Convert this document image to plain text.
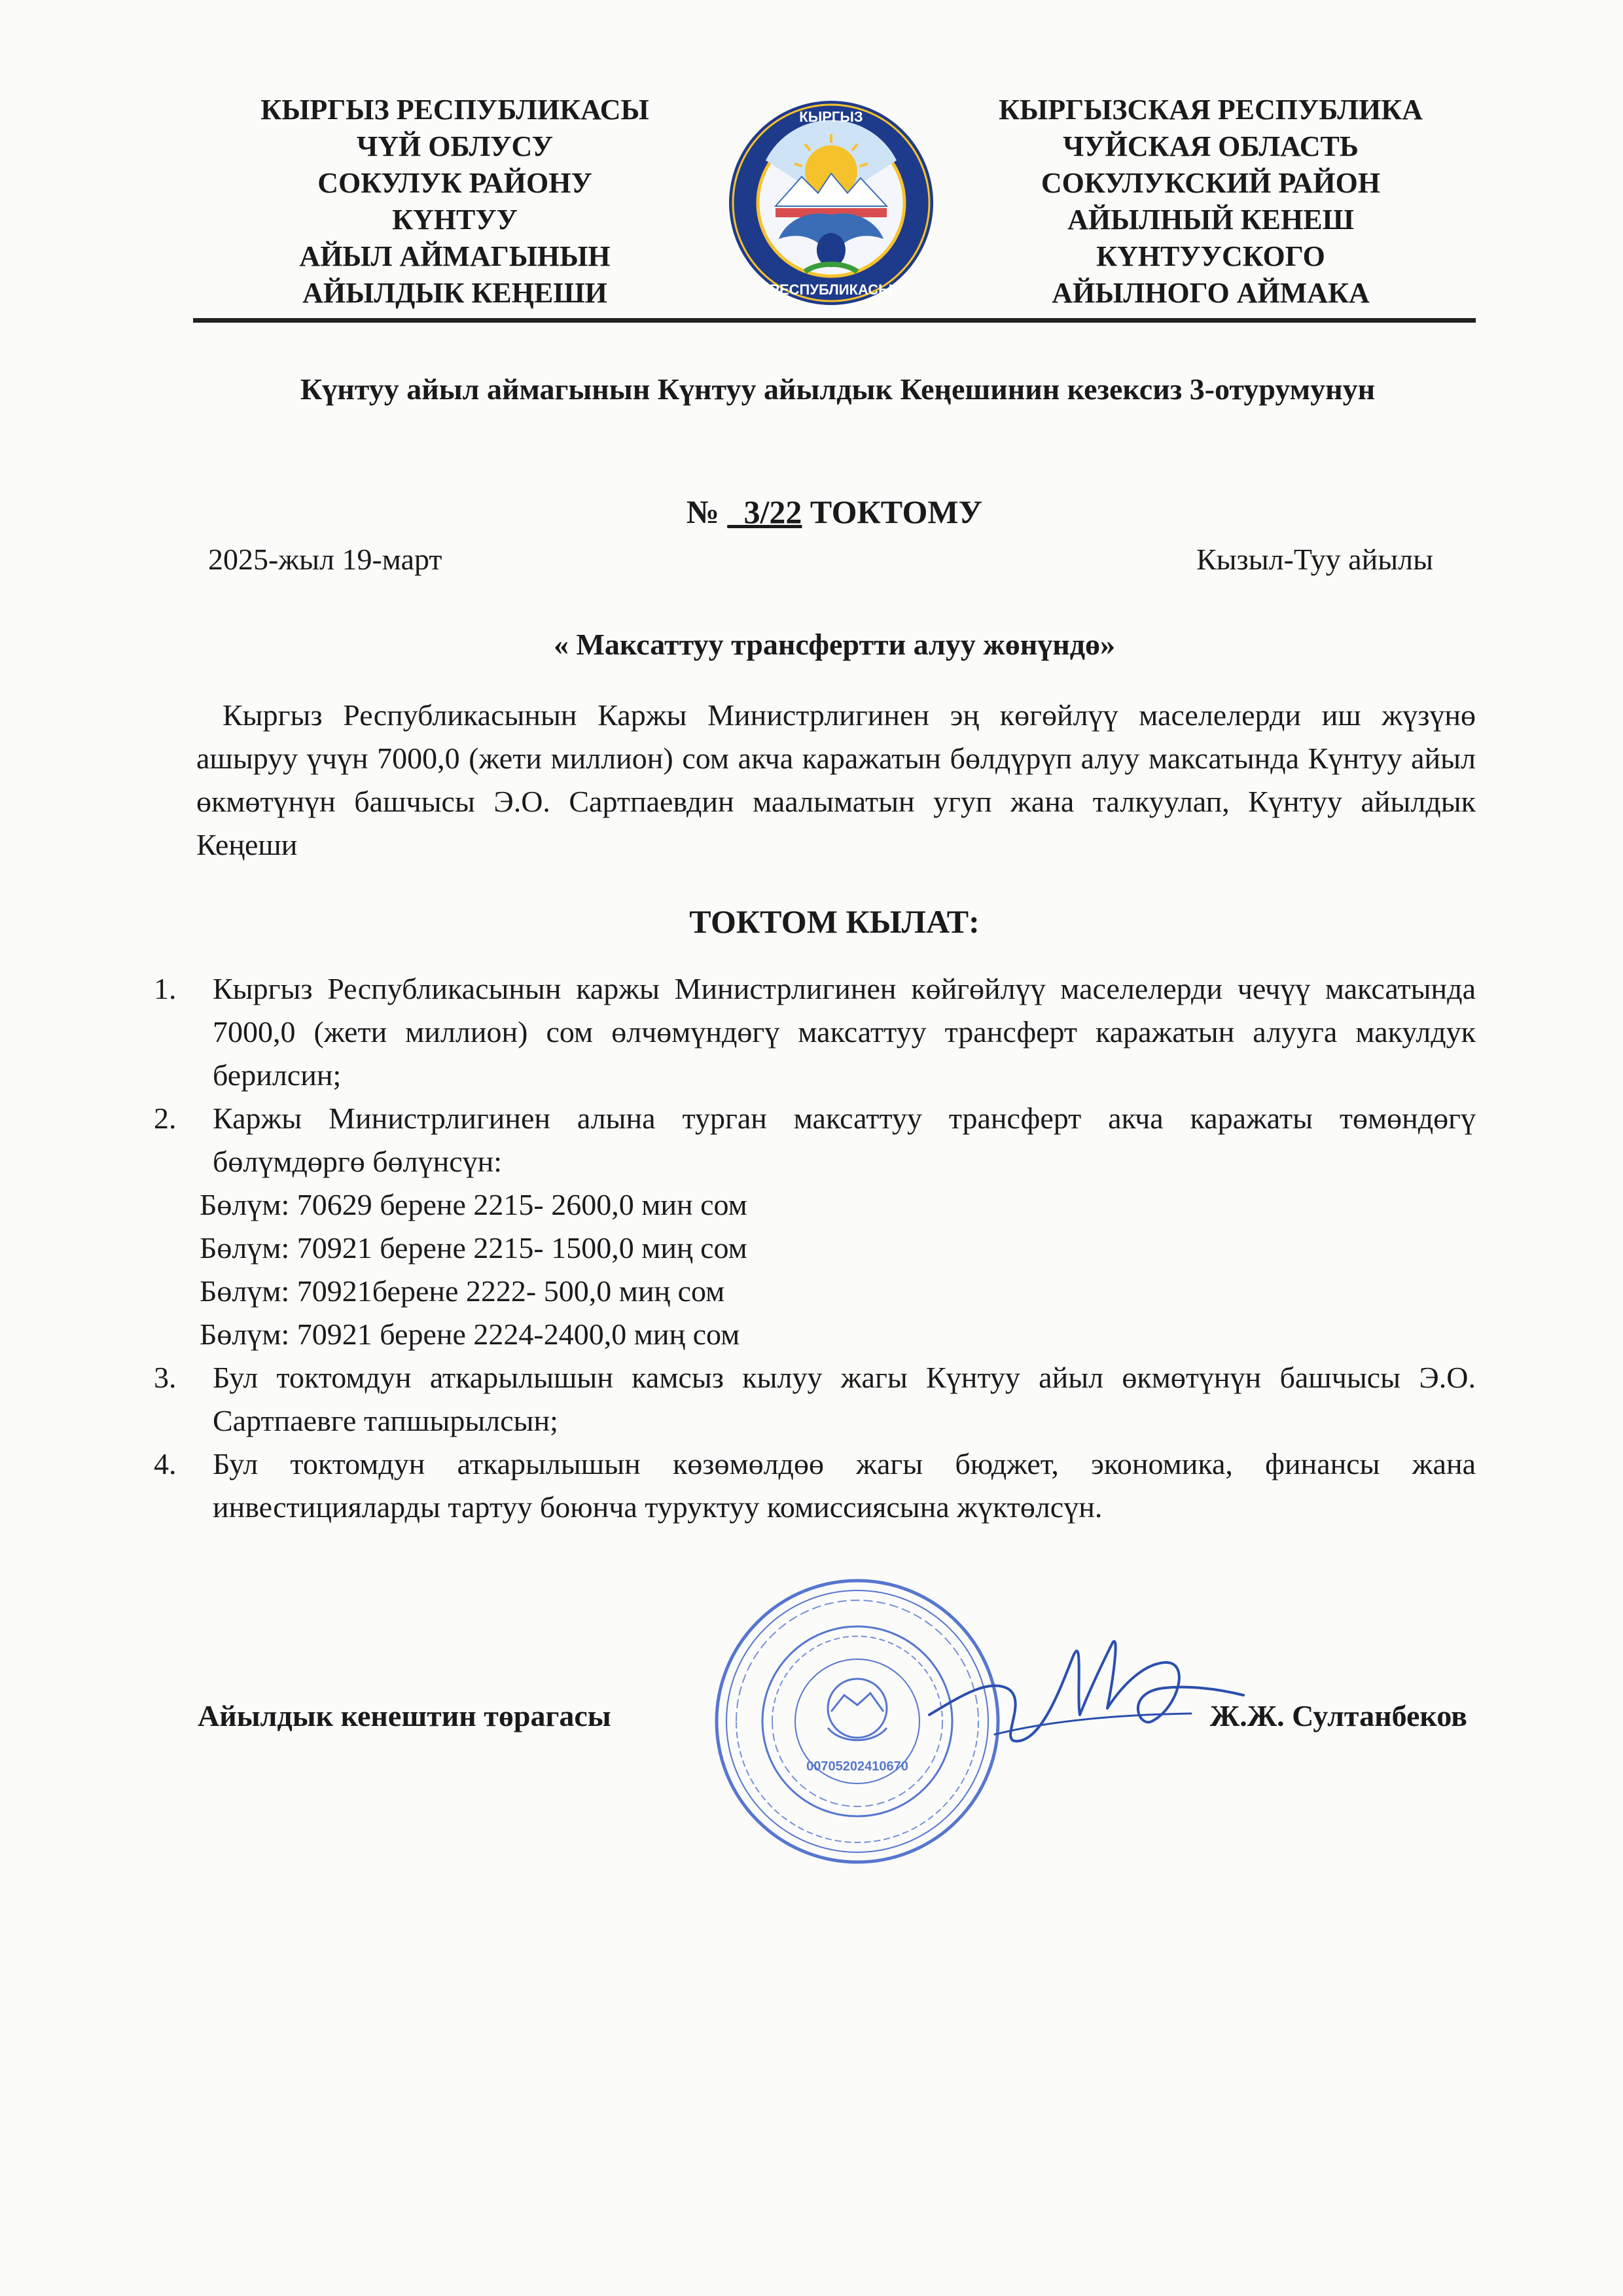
КЫРГЫЗ РЕСПУБЛИКАСЫ
ЧҮЙ ОБЛУСУ
СОКУЛУК РАЙОНУ
КҮНТУУ
АЙЫЛ АЙМАГЫНЫН
АЙЫЛДЫК КЕҢЕШИ
КЫРГЫЗ
РЕСПУБЛИКАСЫ
КЫРГЫЗСКАЯ РЕСПУБЛИКА
ЧУЙСКАЯ ОБЛАСТЬ
СОКУЛУКСКИЙ РАЙОН
АЙЫЛНЫЙ КЕНЕШ
КҮНТУУСКОГО
АЙЫЛНОГО АЙМАКА
Күнтуу айыл аймагынын Күнтуу айылдык Кеңешинин кезексиз 3-отурумунун
№ _3/22 ТОКТОМУ
2025-жыл 19-март	Кызыл-Туу айылы
« Максаттуу трансфертти алуу жөнүндө»
Кыргыз Республикасынын Каржы Министрлигинен эң көгөйлүү маселелерди иш жүзүнө ашыруу үчүн 7000,0 (жети миллион) сом акча каражатын бөлдүрүп алуу максатында Күнтуу айыл өкмөтүнүн башчысы Э.О. Сартпаевдин маалыматын угуп жана талкуулап, Күнтуу айылдык Кеңеши
ТОКТОМ КЫЛАТ:
1.	Кыргыз Республикасынын каржы Министрлигинен көйгөйлүү маселелерди чечүү максатында 7000,0 (жети миллион) сом өлчөмүндөгү максаттуу трансферт каражатын алууга макулдук берилсин;
2.	Каржы Министрлигинен алына турган максаттуу трансферт акча каражаты төмөндөгү бөлүмдөргө бөлүнсүн:
Бөлүм: 70629 берене 2215- 2600,0 мин сом
Бөлүм: 70921 берене 2215- 1500,0 миң сом
Бөлүм: 70921берене 2222- 500,0 миң сом
Бөлүм: 70921 берене 2224-2400,0 миң сом
3.	Бул токтомдун аткарылышын камсыз кылуу жагы Күнтуу айыл өкмөтүнүн башчысы Э.О. Сартпаевге тапшырылсын;
4.	Бул токтомдун аткарылышын көзөмөлдөө жагы бюджет, экономика, финансы жана инвестицияларды тартуу боюнча туруктуу комиссиясына жүктөлсүн.
Айылдык кенештин төрагасы	Ж.Ж. Султанбеков
00705202410670
